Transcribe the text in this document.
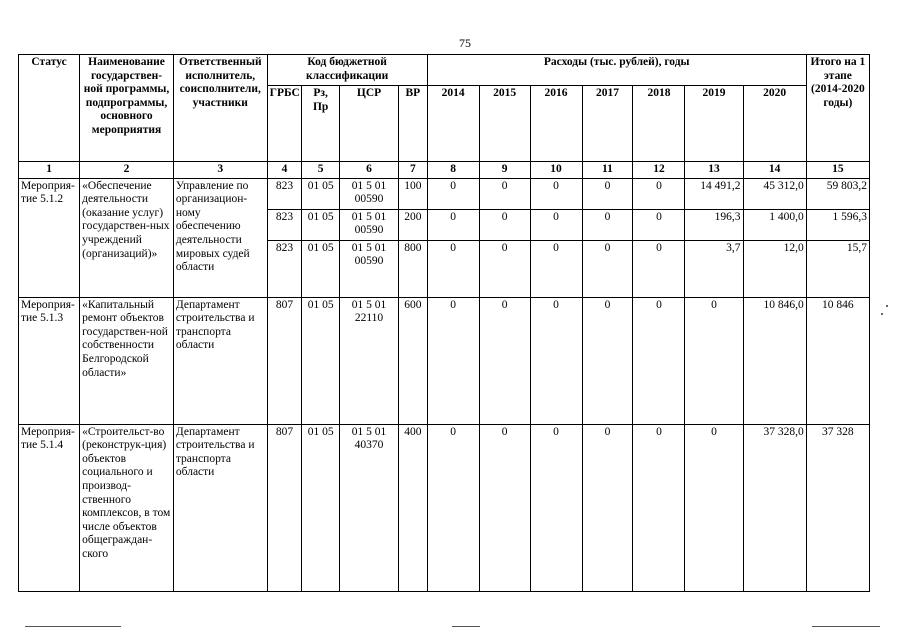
75
Статус	Наименование государствен-ной программы, подпрограммы, основного мероприятия	Ответственный исполнитель, соисполнители, участники	Код бюджетной классификации				Расходы (тыс. рублей), годы							Итого на 1 этапе (2014-2020 годы)
			ГРБС	Рз, Пр	ЦСР	ВР	2014	2015	2016	2017	2018	2019	2020	
1	2	3	4	5	6	7	8	9	10	11	12	13	14	15
Мероприя-тие 5.1.2	«Обеспечение деятельности (оказание услуг) государствен-ных учреждений (организаций)»	Управление по организацион-ному обеспечению деятельности мировых судей области	823	01 05	01 5 01 00590	100	0	0	0	0	0	14 491,2	45 312,0	59 803,2
			823	01 05	01 5 01 00590	200	0	0	0	0	0	196,3	1 400,0	1 596,3
			823	01 05	01 5 01 00590	800	0	0	0	0	0	3,7	12,0	15,7
Мероприя-тие 5.1.3	«Капитальный ремонт объектов государствен-ной собственности Белгородской области»	Департамент строительства и транспорта области	807	01 05	01 5 01 22110	600	0	0	0	0	0	0	10 846,0	10 846
Мероприя-тие 5.1.4	«Строительст-во (реконструк-ция) объектов социального и производ-ственного комплексов, в том числе объектов общеграждан-ского	Департамент строительства и транспорта области	807	01 05	01 5 01 40370	400	0	0	0	0	0	0	37 328,0	37 328
